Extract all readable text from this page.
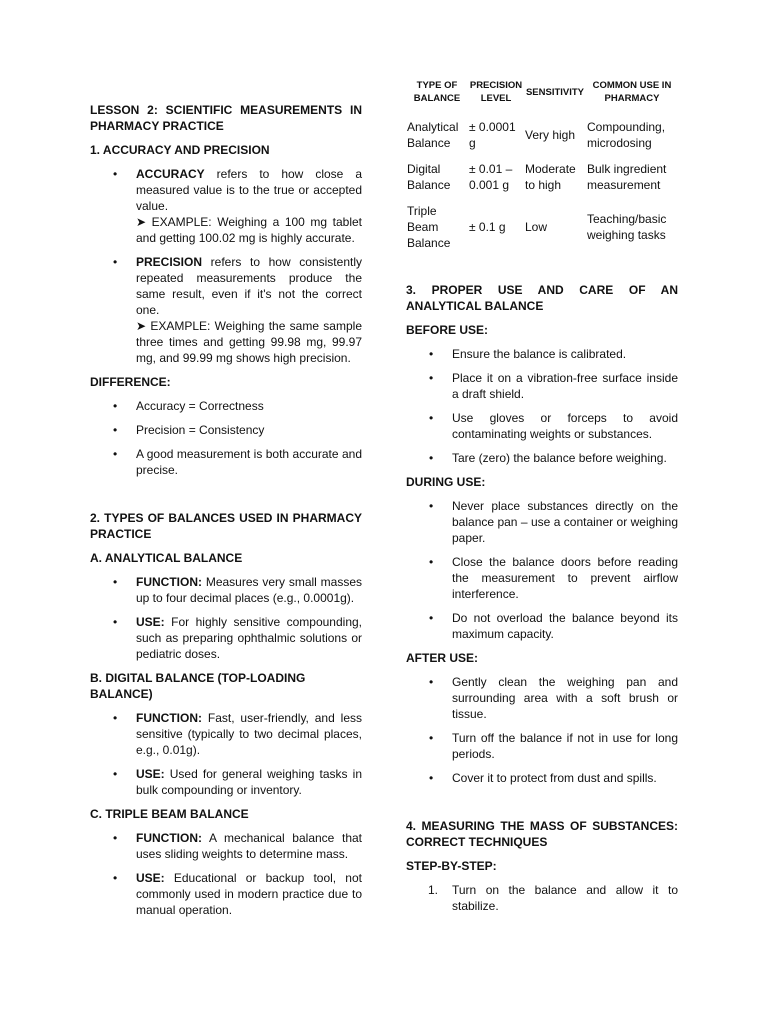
LESSON 2: SCIENTIFIC MEASUREMENTS IN PHARMACY PRACTICE

1. ACCURACY AND PRECISION

• ACCURACY refers to how close a measured value is to the true or accepted value.
➤ EXAMPLE: Weighing a 100 mg tablet and getting 100.02 mg is highly accurate.
• PRECISION refers to how consistently repeated measurements produce the same result, even if it's not the correct one.
➤ EXAMPLE: Weighing the same sample three times and getting 99.98 mg, 99.97 mg, and 99.99 mg shows high precision.

DIFFERENCE:

• Accuracy = Correctness
• Precision = Consistency
• A good measurement is both accurate and precise.

2. TYPES OF BALANCES USED IN PHARMACY PRACTICE

A. ANALYTICAL BALANCE

• FUNCTION: Measures very small masses up to four decimal places (e.g., 0.0001g).
• USE: For highly sensitive compounding, such as preparing ophthalmic solutions or pediatric doses.

B. DIGITAL BALANCE (TOP-LOADING BALANCE)

• FUNCTION: Fast, user-friendly, and less sensitive (typically to two decimal places, e.g., 0.01g).
• USE: Used for general weighing tasks in bulk compounding or inventory.

C. TRIPLE BEAM BALANCE

• FUNCTION: A mechanical balance that uses sliding weights to determine mass.
• USE: Educational or backup tool, not commonly used in modern practice due to manual operation.
TYPE OF BALANCE	PRECISION LEVEL	SENSITIVITY	COMMON USE IN PHARMACY
Analytical Balance	± 0.0001 g	Very high	Compounding, microdosing
Digital Balance	± 0.01 – 0.001 g	Moderate to high	Bulk ingredient measurement
Triple Beam Balance	± 0.1 g	Low	Teaching/basic weighing tasks

3. PROPER USE AND CARE OF AN ANALYTICAL BALANCE

BEFORE USE:

• Ensure the balance is calibrated.
• Place it on a vibration-free surface inside a draft shield.
• Use gloves or forceps to avoid contaminating weights or substances.
• Tare (zero) the balance before weighing.

DURING USE:

• Never place substances directly on the balance pan – use a container or weighing paper.
• Close the balance doors before reading the measurement to prevent airflow interference.
• Do not overload the balance beyond its maximum capacity.

AFTER USE:

• Gently clean the weighing pan and surrounding area with a soft brush or tissue.
• Turn off the balance if not in use for long periods.
• Cover it to protect from dust and spills.

4. MEASURING THE MASS OF SUBSTANCES: CORRECT TECHNIQUES

STEP-BY-STEP:

1. Turn on the balance and allow it to stabilize.
